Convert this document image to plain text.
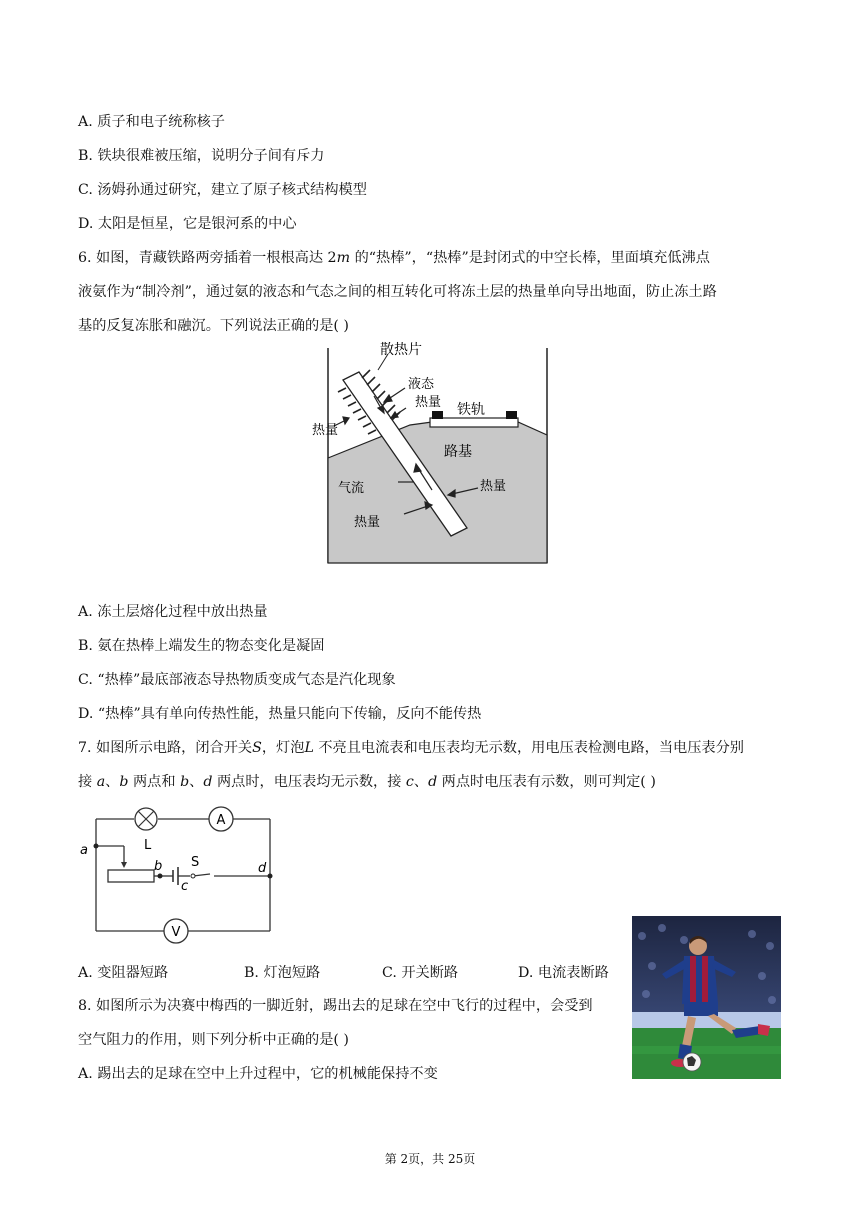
A. 质子和电子统称核子
B. 铁块很难被压缩，说明分子间有斥力
C. 汤姆孙通过研究，建立了原子核式结构模型
D. 太阳是恒星，它是银河系的中心
6. 如图，青藏铁路两旁插着一根根高达 2m 的“热棒”，“热棒”是封闭式的中空长棒，里面填充低沸点
液氨作为“制冷剂”，通过氨的液态和气态之间的相互转化可将冻土层的热量单向导出地面，防止冻土路
基的反复冻胀和融沉。下列说法正确的是( )
散热片
液态
热量 铁轨
热量
路基
气流	热量
热量
A. 冻土层熔化过程中放出热量
B. 氨在热棒上端发生的物态变化是凝固
C. “热棒”最底部液态导热物质变成气态是汽化现象
D. “热棒”具有单向传热性能，热量只能向下传输，反向不能传热
7. 如图所示电路，闭合开关S，灯泡L 不亮且电流表和电压表均无示数，用电压表检测电路，当电压表分别
接 a、b 两点和 b、d 两点时，电压表均无示数，接 c、d 两点时电压表有示数，则可判定( )
A
V
L
S
a
b
c
d
A. 变阻器短路	B. 灯泡短路	C. 开关断路	D. 电流表断路
8. 如图所示为决赛中梅西的一脚近射，踢出去的足球在空中飞行的过程中，会受到
空气阻力的作用，则下列分析中正确的是( )
A. 踢出去的足球在空中上升过程中，它的机械能保持不变
第 2页，共 25页
